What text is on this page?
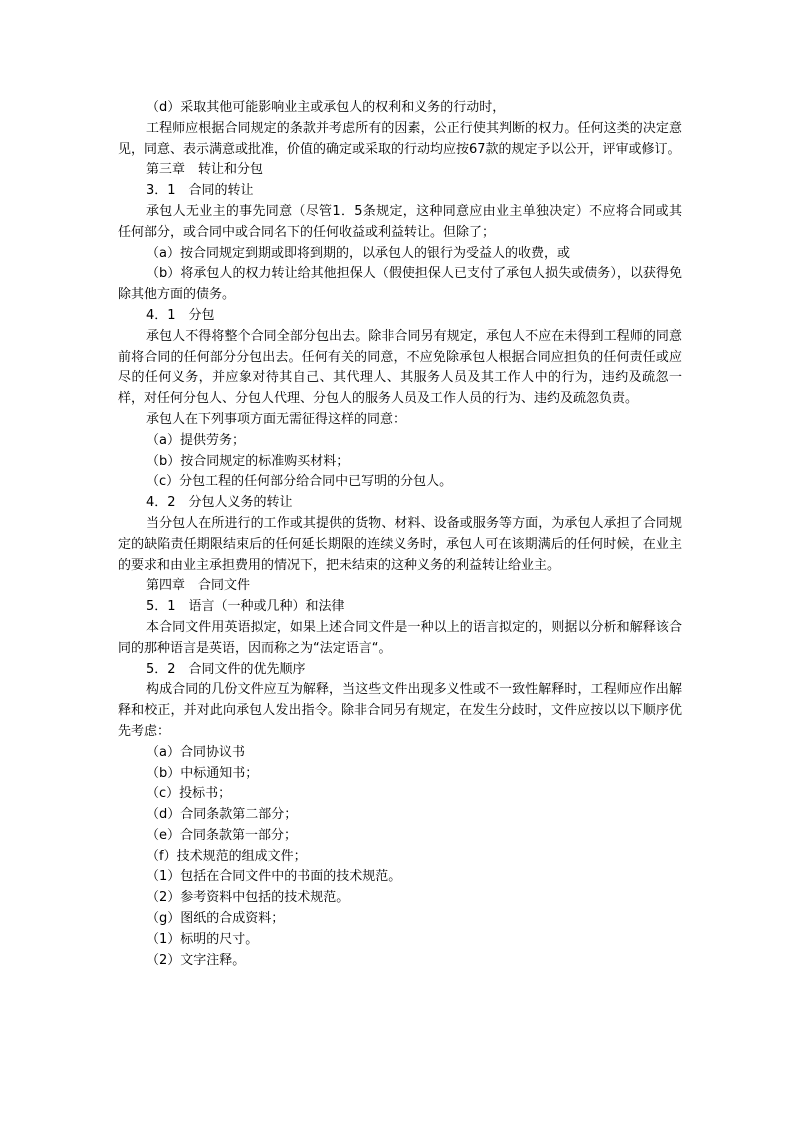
（d）采取其他可能影响业主或承包人的权利和义务的行动时，

工程师应根据合同规定的条款并考虑所有的因素，公正行使其判断的权力。任何这类的决定意见，同意、表示满意或批准，价值的确定或采取的行动均应按67款的规定予以公开，评审或修订。

第三章　转让和分包

3．1　合同的转让

承包人无业主的事先同意（尽管1．5条规定，这种同意应由业主单独决定）不应将合同或其任何部分，或合同中或合同名下的任何收益或利益转让。但除了；

（a）按合同规定到期或即将到期的，以承包人的银行为受益人的收费，或

（b）将承包人的权力转让给其他担保人（假使担保人已支付了承包人损失或债务），以获得免除其他方面的债务。

4．1　分包

承包人不得将整个合同全部分包出去。除非合同另有规定，承包人不应在未得到工程师的同意前将合同的任何部分分包出去。任何有关的同意，不应免除承包人根据合同应担负的任何责任或应尽的任何义务，并应象对待其自己、其代理人、其服务人员及其工作人中的行为，违约及疏忽一样，对任何分包人、分包人代理、分包人的服务人员及工作人员的行为、违约及疏忽负责。

承包人在下列事项方面无需征得这样的同意：

（a）提供劳务；

（b）按合同规定的标准购买材料；

（c）分包工程的任何部分给合同中已写明的分包人。

4．2　分包人义务的转让

当分包人在所进行的工作或其提供的货物、材料、设备或服务等方面，为承包人承担了合同规定的缺陷责任期限结束后的任何延长期限的连续义务时，承包人可在该期满后的任何时候，在业主的要求和由业主承担费用的情况下，把未结束的这种义务的利益转让给业主。

第四章　合同文件

5．1　语言（一种或几种）和法律

本合同文件用英语拟定，如果上述合同文件是一种以上的语言拟定的，则据以分析和解释该合同的那种语言是英语，因而称之为“法定语言“。

5．2　合同文件的优先顺序

构成合同的几份文件应互为解释，当这些文件出现多义性或不一致性解释时，工程师应作出解释和校正，并对此向承包人发出指令。除非合同另有规定，在发生分歧时，文件应按以以下顺序优先考虑：

（a）合同协议书

（b）中标通知书；

（c）投标书；

（d）合同条款第二部分；

（e）合同条款第一部分；

（f）技术规范的组成文件；

（1）包括在合同文件中的书面的技术规范。

（2）参考资料中包括的技术规范。

（g）图纸的合成资料；

（1）标明的尺寸。

（2）文字注释。
